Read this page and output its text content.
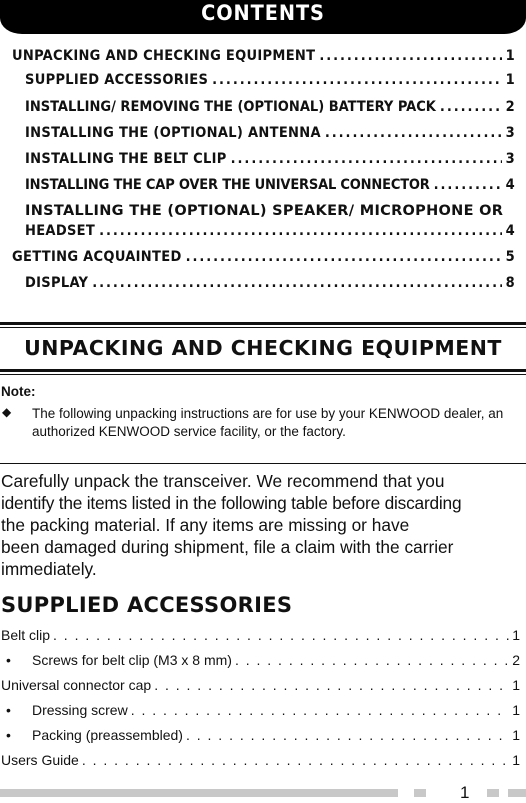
CONTENTS
UNPACKING AND CHECKING EQUIPMENT . . .	1
SUPPLIED ACCESSORIES . . .	1
INSTALLING/ REMOVING THE (OPTIONAL) BATTERY PACK . . .	2
INSTALLING THE (OPTIONAL) ANTENNA . . .	3
INSTALLING THE BELT CLIP . . .	3
INSTALLING THE CAP OVER THE UNIVERSAL CONNECTOR . . .	4
INSTALLING THE (OPTIONAL) SPEAKER/ MICROPHONE OR
HEADSET . . .	4
GETTING ACQUAINTED . . .	5
DISPLAY . . .	8
UNPACKING AND CHECKING EQUIPMENT
Note:
◆ The following unpacking instructions are for use by your KENWOOD dealer, an authorized KENWOOD service facility, or the factory.
Carefully unpack the transceiver. We recommend that you
identify the items listed in the following table before discarding
the packing material. If any items are missing or have
been damaged during shipment, file a claim with the carrier
immediately.
SUPPLIED ACCESSORIES
Belt clip . . .	1
• Screws for belt clip (M3 x 8 mm) . . .	2
Universal connector cap . . .	1
• Dressing screw . . .	1
• Packing (preassembled) . . .	1
Users Guide . . .	1
1
